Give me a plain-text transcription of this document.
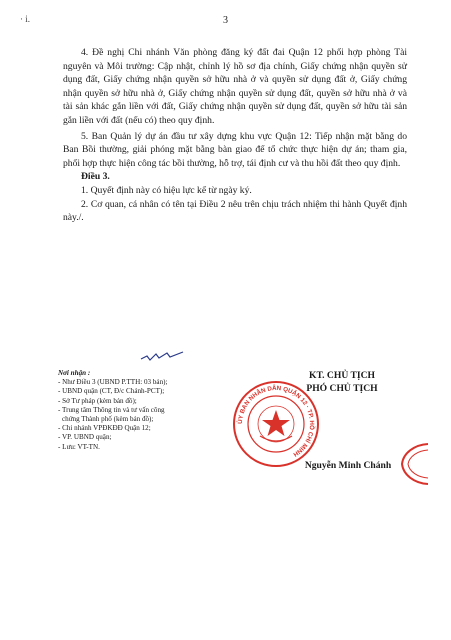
· i.	3

4. Đề nghị Chi nhánh Văn phòng đăng ký đất đai Quận 12 phối hợp phòng Tài nguyên và Môi trường: Cập nhật, chỉnh lý hồ sơ địa chính, Giấy chứng nhận quyền sử dụng đất, Giấy chứng nhận quyền sở hữu nhà ở và quyền sử dụng đất ở, Giấy chứng nhận quyền sở hữu nhà ở, Giấy chứng nhận quyền sử dụng đất, quyền sở hữu nhà ở và tài sản khác gắn liền với đất, Giấy chứng nhận quyền sử dụng đất, quyền sở hữu tài sản gắn liền với đất (nếu có) theo quy định.

5. Ban Quản lý dự án đầu tư xây dựng khu vực Quận 12: Tiếp nhận mặt bằng do Ban Bồi thường, giải phóng mặt bằng bàn giao để tổ chức thực hiện dự án; tham gia, phối hợp thực hiện công tác bồi thường, hỗ trợ, tái định cư và thu hồi đất theo quy định.

Điều 3.

1. Quyết định này có hiệu lực kể từ ngày ký.

2. Cơ quan, cá nhân có tên tại Điều 2 nêu trên chịu trách nhiệm thi hành Quyết định này./.

Nơi nhận :
- Như Điều 3 (UBND P.TTH: 03 bản);
- UBND quận (CT, Đ/c Chánh-PCT);
- Sở Tư pháp (kèm bản đồ);
- Trung tâm Thông tin và tư vấn công
chứng Thành phố (kèm bản đồ);
- Chi nhánh VPĐKĐĐ Quận 12;
- VP. UBND quận;
- Lưu: VT-TN.
ỦY BAN NHÂN DÂN QUẬN 12 · TP. HỒ CHÍ MINH
KT. CHỦ TỊCH
PHÓ CHỦ TỊCH
Nguyễn Minh Chánh
